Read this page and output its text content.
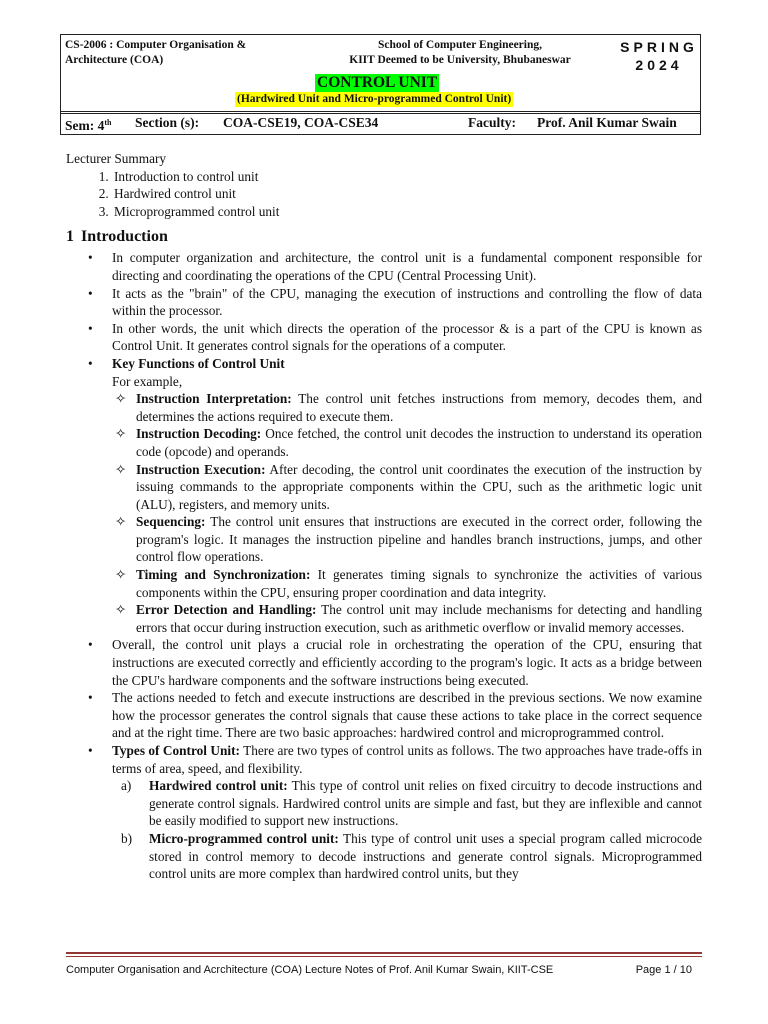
CS-2006 : Computer Organisation &
Architecture (COA)
School of Computer Engineering,
KIIT Deemed to be University, Bhubaneswar
SPRING
2024
CONTROL UNIT
(Hardwired Unit and Micro-programmed Control Unit)
Sem: 4th Section (s): COA-CSE19, COA-CSE34	Faculty: Prof. Anil Kumar Swain

Lecturer Summary

1. Introduction to control unit
2. Hardwired control unit
3. Microprogrammed control unit
1 Introduction
• In computer organization and architecture, the control unit is a fundamental component responsible for directing and coordinating the operations of the CPU (Central Processing Unit).
• It acts as the "brain" of the CPU, managing the execution of instructions and controlling the flow of data within the processor.
• In other words, the unit which directs the operation of the processor & is a part of the CPU is known as Control Unit. It generates control signals for the operations of a computer.
• Key Functions of Control Unit
For example,
✧ Instruction Interpretation: The control unit fetches instructions from memory, decodes them, and determines the actions required to execute them.
✧ Instruction Decoding: Once fetched, the control unit decodes the instruction to understand its operation code (opcode) and operands.
✧ Instruction Execution: After decoding, the control unit coordinates the execution of the instruction by issuing commands to the appropriate components within the CPU, such as the arithmetic logic unit (ALU), registers, and memory units.
✧ Sequencing: The control unit ensures that instructions are executed in the correct order, following the program's logic. It manages the instruction pipeline and handles branch instructions, jumps, and other control flow operations.
✧ Timing and Synchronization: It generates timing signals to synchronize the activities of various components within the CPU, ensuring proper coordination and data integrity.
✧ Error Detection and Handling: The control unit may include mechanisms for detecting and handling errors that occur during instruction execution, such as arithmetic overflow or invalid memory accesses.
• Overall, the control unit plays a crucial role in orchestrating the operation of the CPU, ensuring that instructions are executed correctly and efficiently according to the program's logic. It acts as a bridge between the CPU's hardware components and the software instructions being executed.
• The actions needed to fetch and execute instructions are described in the previous sections. We now examine how the processor generates the control signals that cause these actions to take place in the correct sequence and at the right time. There are two basic approaches: hardwired control and microprogrammed control.
• Types of Control Unit: There are two types of control units as follows. The two approaches have trade-offs in terms of area, speed, and flexibility.
a) Hardwired control unit: This type of control unit relies on fixed circuitry to decode instructions and generate control signals. Hardwired control units are simple and fast, but they are inflexible and cannot be easily modified to support new instructions.
b) Micro-programmed control unit: This type of control unit uses a special program called microcode stored in control memory to decode instructions and generate control signals. Microprogrammed control units are more complex than hardwired control units, but they
Computer Organisation and Acrchitecture (COA) Lecture Notes of Prof. Anil Kumar Swain, KIIT-CSE	Page 1 / 10
